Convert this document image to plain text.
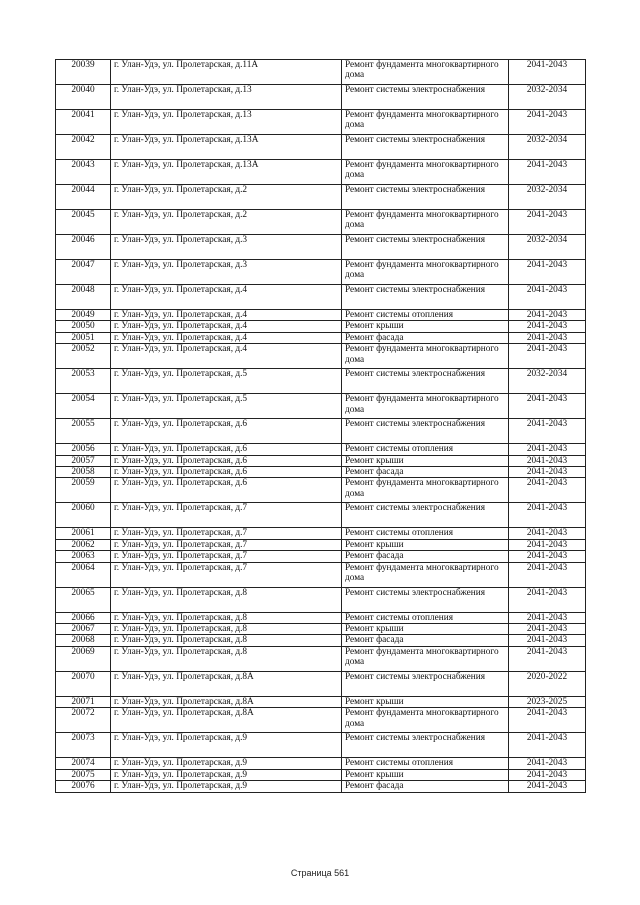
20039	г. Улан-Удэ, ул. Пролетарская, д.11А	Ремонт фундамента многоквартирного дома	2041-2043
20040	г. Улан-Удэ, ул. Пролетарская, д.13	Ремонт системы электроснабжения	2032-2034
20041	г. Улан-Удэ, ул. Пролетарская, д.13	Ремонт фундамента многоквартирного дома	2041-2043
20042	г. Улан-Удэ, ул. Пролетарская, д.13А	Ремонт системы электроснабжения	2032-2034
20043	г. Улан-Удэ, ул. Пролетарская, д.13А	Ремонт фундамента многоквартирного дома	2041-2043
20044	г. Улан-Удэ, ул. Пролетарская, д.2	Ремонт системы электроснабжения	2032-2034
20045	г. Улан-Удэ, ул. Пролетарская, д.2	Ремонт фундамента многоквартирного дома	2041-2043
20046	г. Улан-Удэ, ул. Пролетарская, д.3	Ремонт системы электроснабжения	2032-2034
20047	г. Улан-Удэ, ул. Пролетарская, д.3	Ремонт фундамента многоквартирного дома	2041-2043
20048	г. Улан-Удэ, ул. Пролетарская, д.4	Ремонт системы электроснабжения	2041-2043
20049	г. Улан-Удэ, ул. Пролетарская, д.4	Ремонт системы отопления	2041-2043
20050	г. Улан-Удэ, ул. Пролетарская, д.4	Ремонт крыши	2041-2043
20051	г. Улан-Удэ, ул. Пролетарская, д.4	Ремонт фасада	2041-2043
20052	г. Улан-Удэ, ул. Пролетарская, д.4	Ремонт фундамента многоквартирного дома	2041-2043
20053	г. Улан-Удэ, ул. Пролетарская, д.5	Ремонт системы электроснабжения	2032-2034
20054	г. Улан-Удэ, ул. Пролетарская, д.5	Ремонт фундамента многоквартирного дома	2041-2043
20055	г. Улан-Удэ, ул. Пролетарская, д.6	Ремонт системы электроснабжения	2041-2043
20056	г. Улан-Удэ, ул. Пролетарская, д.6	Ремонт системы отопления	2041-2043
20057	г. Улан-Удэ, ул. Пролетарская, д.6	Ремонт крыши	2041-2043
20058	г. Улан-Удэ, ул. Пролетарская, д.6	Ремонт фасада	2041-2043
20059	г. Улан-Удэ, ул. Пролетарская, д.6	Ремонт фундамента многоквартирного дома	2041-2043
20060	г. Улан-Удэ, ул. Пролетарская, д.7	Ремонт системы электроснабжения	2041-2043
20061	г. Улан-Удэ, ул. Пролетарская, д.7	Ремонт системы отопления	2041-2043
20062	г. Улан-Удэ, ул. Пролетарская, д.7	Ремонт крыши	2041-2043
20063	г. Улан-Удэ, ул. Пролетарская, д.7	Ремонт фасада	2041-2043
20064	г. Улан-Удэ, ул. Пролетарская, д.7	Ремонт фундамента многоквартирного дома	2041-2043
20065	г. Улан-Удэ, ул. Пролетарская, д.8	Ремонт системы электроснабжения	2041-2043
20066	г. Улан-Удэ, ул. Пролетарская, д.8	Ремонт системы отопления	2041-2043
20067	г. Улан-Удэ, ул. Пролетарская, д.8	Ремонт крыши	2041-2043
20068	г. Улан-Удэ, ул. Пролетарская, д.8	Ремонт фасада	2041-2043
20069	г. Улан-Удэ, ул. Пролетарская, д.8	Ремонт фундамента многоквартирного дома	2041-2043
20070	г. Улан-Удэ, ул. Пролетарская, д.8А	Ремонт системы электроснабжения	2020-2022
20071	г. Улан-Удэ, ул. Пролетарская, д.8А	Ремонт крыши	2023-2025
20072	г. Улан-Удэ, ул. Пролетарская, д.8А	Ремонт фундамента многоквартирного дома	2041-2043
20073	г. Улан-Удэ, ул. Пролетарская, д.9	Ремонт системы электроснабжения	2041-2043
20074	г. Улан-Удэ, ул. Пролетарская, д.9	Ремонт системы отопления	2041-2043
20075	г. Улан-Удэ, ул. Пролетарская, д.9	Ремонт крыши	2041-2043
20076	г. Улан-Удэ, ул. Пролетарская, д.9	Ремонт фасада	2041-2043
Страница 561
